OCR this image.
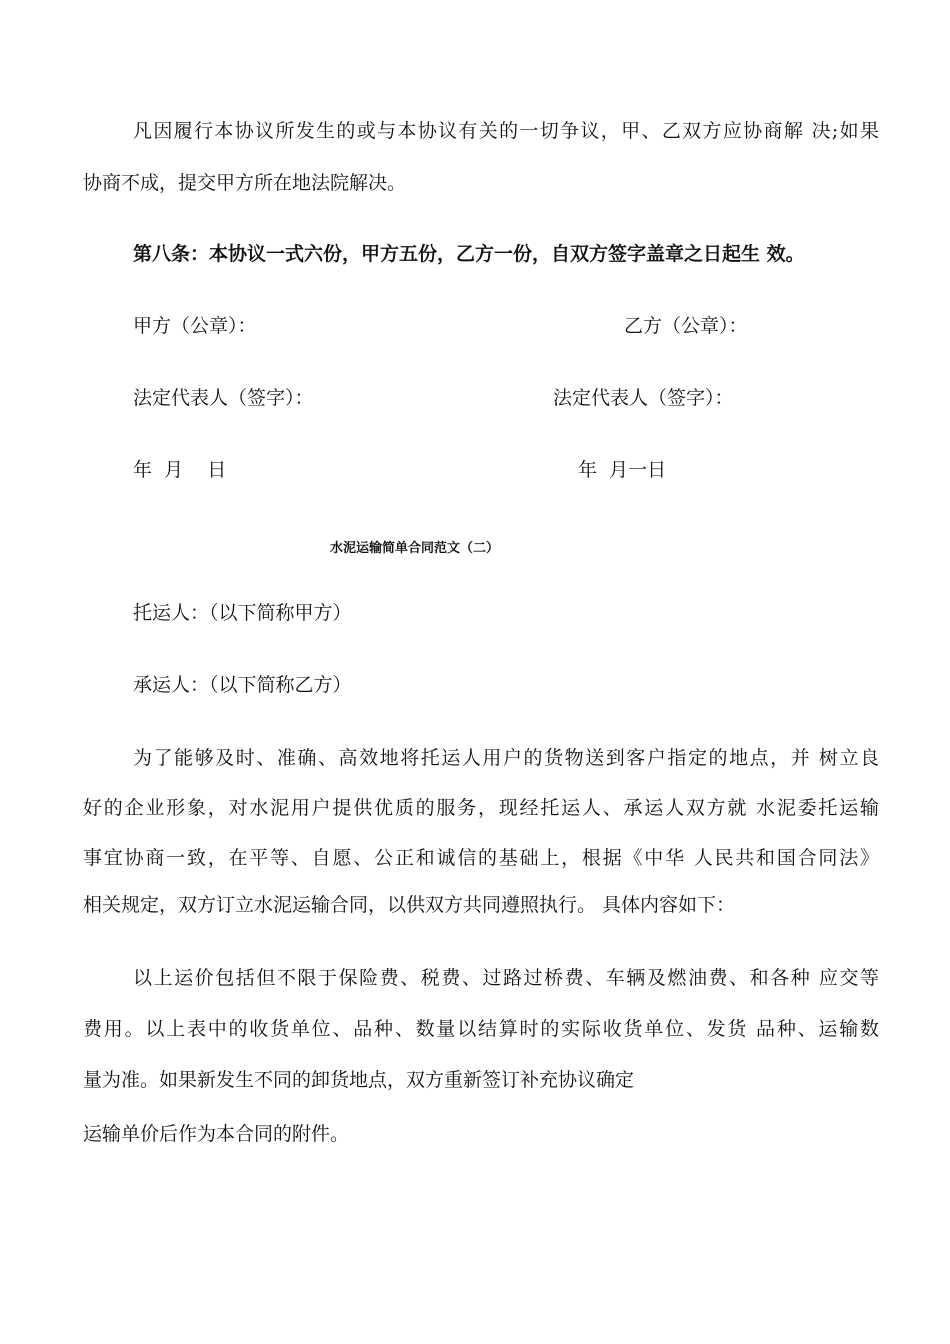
凡因履行本协议所发生的或与本协议有关的一切争议，甲、乙双方应协商解 决;如果
协商不成，提交甲方所在地法院解决。
第八条：本协议一式六份，甲方五份，乙方一份，自双方签字盖章之日起生 效。
甲方（公章）：	乙方（公章）：
法定代表人（签字）：	法定代表人（签字）：
年  月    日	年  月一日
水泥运输简单合同范文（二）
托运人：（以下简称甲方）
承运人：（以下简称乙方）
为了能够及时、准确、高效地将托运人用户的货物送到客户指定的地点，并 树立良
好的企业形象，对水泥用户提供优质的服务，现经托运人、承运人双方就 水泥委托运输
事宜协商一致，在平等、自愿、公正和诚信的基础上，根据《中华 人民共和国合同法》
相关规定，双方订立水泥运输合同，以供双方共同遵照执行。 具体内容如下：
以上运价包括但不限于保险费、税费、过路过桥费、车辆及燃油费、和各种 应交等
费用。以上表中的收货单位、品种、数量以结算时的实际收货单位、发货 品种、运输数
量为准。如果新发生不同的卸货地点，双方重新签订补充协议确定
运输单价后作为本合同的附件。
